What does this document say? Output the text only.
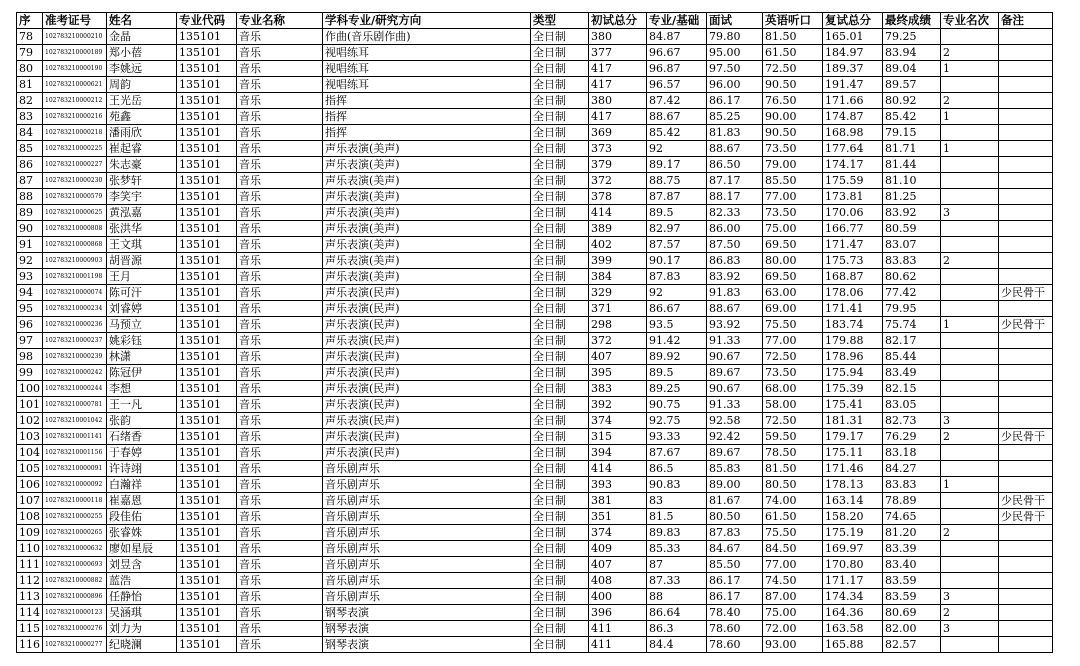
序	准考证号	姓名	专业代码	专业名称	学科专业/研究方向	类型	初试总分	专业/基础	面试	英语听口	复试总分	最终成绩	专业名次	备注
78	102783210000210	金晶	135101	音乐	作曲(音乐剧作曲)	全日制	380	84.87	79.80	81.50	165.01	79.25		
79	102783210000189	郑小蓓	135101	音乐	视唱练耳	全日制	377	96.67	95.00	61.50	184.97	83.94	2	
80	102783210000190	李姚远	135101	音乐	视唱练耳	全日制	417	96.87	97.50	72.50	189.37	89.04	1	
81	102783210000621	周韵	135101	音乐	视唱练耳	全日制	417	96.57	96.00	90.50	191.47	89.57		
82	102783210000212	王光岳	135101	音乐	指挥	全日制	380	87.42	86.17	76.50	171.66	80.92	2	
83	102783210000216	苑鑫	135101	音乐	指挥	全日制	417	88.67	85.25	90.00	174.87	85.42	1	
84	102783210000218	潘雨欣	135101	音乐	指挥	全日制	369	85.42	81.83	90.50	168.98	79.15		
85	102783210000225	崔起睿	135101	音乐	声乐表演(美声)	全日制	373	92	88.67	73.50	177.64	81.71	1	
86	102783210000227	朱志豪	135101	音乐	声乐表演(美声)	全日制	379	89.17	86.50	79.00	174.17	81.44		
87	102783210000230	张梦轩	135101	音乐	声乐表演(美声)	全日制	372	88.75	87.17	85.50	175.59	81.10		
88	102783210000579	李笑宇	135101	音乐	声乐表演(美声)	全日制	378	87.87	88.17	77.00	173.81	81.25		
89	102783210000625	黄泓嘉	135101	音乐	声乐表演(美声)	全日制	414	89.5	82.33	73.50	170.06	83.92	3	
90	102783210000808	张洪华	135101	音乐	声乐表演(美声)	全日制	389	82.97	86.00	75.00	166.77	80.59		
91	102783210000868	王文琪	135101	音乐	声乐表演(美声)	全日制	402	87.57	87.50	69.50	171.47	83.07		
92	102783210000903	胡晋源	135101	音乐	声乐表演(美声)	全日制	399	90.17	86.83	80.00	175.73	83.83	2	
93	102783210001198	王月	135101	音乐	声乐表演(美声)	全日制	384	87.83	83.92	69.50	168.87	80.62		
94	102783210000074	陈可汗	135101	音乐	声乐表演(民声)	全日制	329	92	91.83	63.00	178.06	77.42		少民骨干
95	102783210000234	刘睿婷	135101	音乐	声乐表演(民声)	全日制	371	86.67	88.67	69.00	171.41	79.95		
96	102783210000236	马预立	135101	音乐	声乐表演(民声)	全日制	298	93.5	93.92	75.50	183.74	75.74	1	少民骨干
97	102783210000237	姚彩钰	135101	音乐	声乐表演(民声)	全日制	372	91.42	91.33	77.00	179.88	82.17		
98	102783210000239	林潇	135101	音乐	声乐表演(民声)	全日制	407	89.92	90.67	72.50	178.96	85.44		
99	102783210000242	陈冠伊	135101	音乐	声乐表演(民声)	全日制	395	89.5	89.67	73.50	175.94	83.49		
100	102783210000244	李想	135101	音乐	声乐表演(民声)	全日制	383	89.25	90.67	68.00	175.39	82.15		
101	102783210000781	王一凡	135101	音乐	声乐表演(民声)	全日制	392	90.75	91.33	58.00	175.41	83.05		
102	102783210001042	张韵	135101	音乐	声乐表演(民声)	全日制	374	92.75	92.58	72.50	181.31	82.73	3	
103	102783210001141	石绪香	135101	音乐	声乐表演(民声)	全日制	315	93.33	92.42	59.50	179.17	76.29	2	少民骨干
104	102783210001156	于春婷	135101	音乐	声乐表演(民声)	全日制	394	87.67	89.67	78.50	175.11	83.18		
105	102783210000091	许诗翊	135101	音乐	音乐剧声乐	全日制	414	86.5	85.83	81.50	171.46	84.27		
106	102783210000092	白瀚祥	135101	音乐	音乐剧声乐	全日制	393	90.83	89.00	80.50	178.13	83.83	1	
107	102783210000118	崔嘉恩	135101	音乐	音乐剧声乐	全日制	381	83	81.67	74.00	163.14	78.89		少民骨干
108	102783210000255	段佳佑	135101	音乐	音乐剧声乐	全日制	351	81.5	80.50	61.50	158.20	74.65		少民骨干
109	102783210000265	张睿姝	135101	音乐	音乐剧声乐	全日制	374	89.83	87.83	75.50	175.19	81.20	2	
110	102783210000632	廖如星辰	135101	音乐	音乐剧声乐	全日制	409	85.33	84.67	84.50	169.97	83.39		
111	102783210000693	刘昱含	135101	音乐	音乐剧声乐	全日制	407	87	85.50	77.00	170.80	83.40		
112	102783210000882	蓝浩	135101	音乐	音乐剧声乐	全日制	408	87.33	86.17	74.50	171.17	83.59		
113	102783210000896	任静怡	135101	音乐	音乐剧声乐	全日制	400	88	86.17	87.00	174.34	83.59	3	
114	102783210000123	吴涵琪	135101	音乐	钢琴表演	全日制	396	86.64	78.40	75.00	164.36	80.69	2	
115	102783210000276	刘力为	135101	音乐	钢琴表演	全日制	411	86.3	78.60	72.00	163.58	82.00	3	
116	102783210000277	纪晓澜	135101	音乐	钢琴表演	全日制	411	84.4	78.60	93.00	165.88	82.57		
